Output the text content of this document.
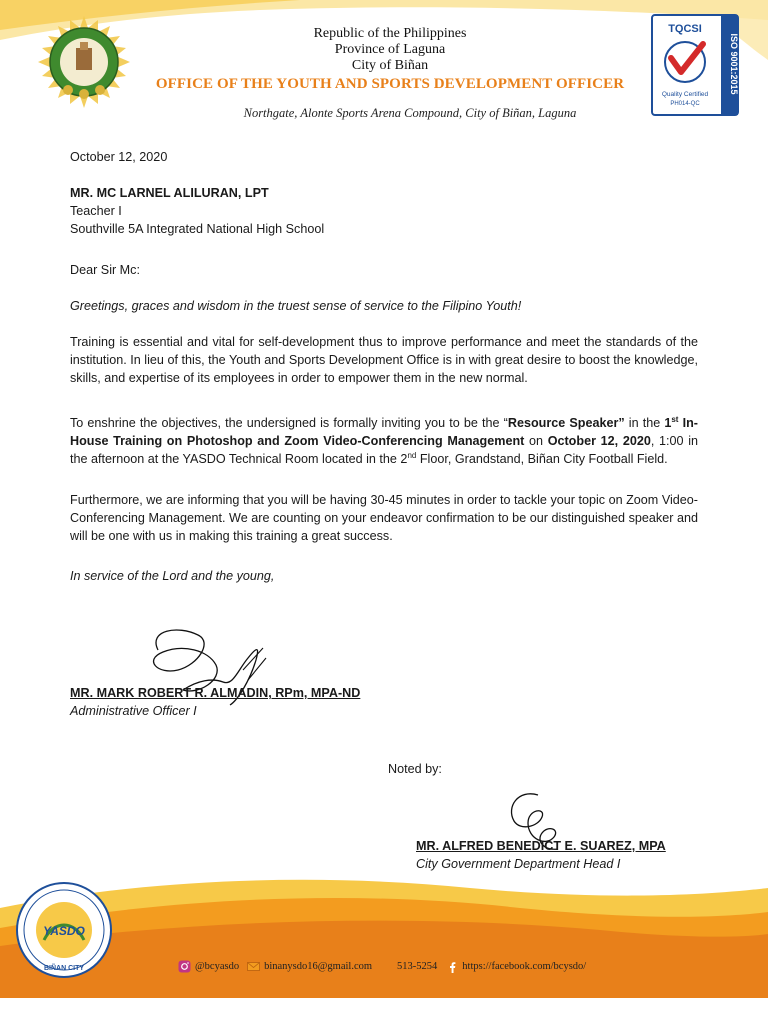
ISO 9001:2015
TQCSI
Quality Certified
PH014-QC
Republic of the Philippines
Province of Laguna
City of Biñan
OFFICE OF THE YOUTH AND SPORTS DEVELOPMENT OFFICER
Northgate, Alonte Sports Arena Compound, City of Biñan, Laguna
October 12, 2020

MR. MC LARNEL ALILURAN, LPT

Teacher I

Southville 5A Integrated National High School

Dear Sir Mc:
Greetings, graces and wisdom in the truest sense of service to the Filipino Youth!
Training is essential and vital for self-development thus to improve performance and meet the standards of the institution. In lieu of this, the Youth and Sports Development Office is in with great desire to boost the knowledge, skills, and expertise of its employees in order to empower them in the new normal.
To enshrine the objectives, the undersigned is formally inviting you to be the “Resource Speaker” in the 1st In-House Training on Photoshop and Zoom Video-Conferencing Management on October 12, 2020, 1:00 in the afternoon at the YASDO Technical Room located in the 2nd Floor, Grandstand, Biñan City Football Field.
Furthermore, we are informing that you will be having 30-45 minutes in order to tackle your topic on Zoom Video-Conferencing Management. We are counting on your endeavor confirmation to be our distinguished speaker and will be one with us in making this training a great success.
In service of the Lord and the young,

MR. MARK ROBERT R. ALMADIN, RPm, MPA-ND

Administrative Officer I

Noted by:

MR. ALFRED BENEDICT E. SUAREZ, MPA

City Government Department Head I

YASDO
BIÑAN CITY	@bcyasdo binanysdo16@gmail.com 513-5254 https://facebook.com/bcysdo/
